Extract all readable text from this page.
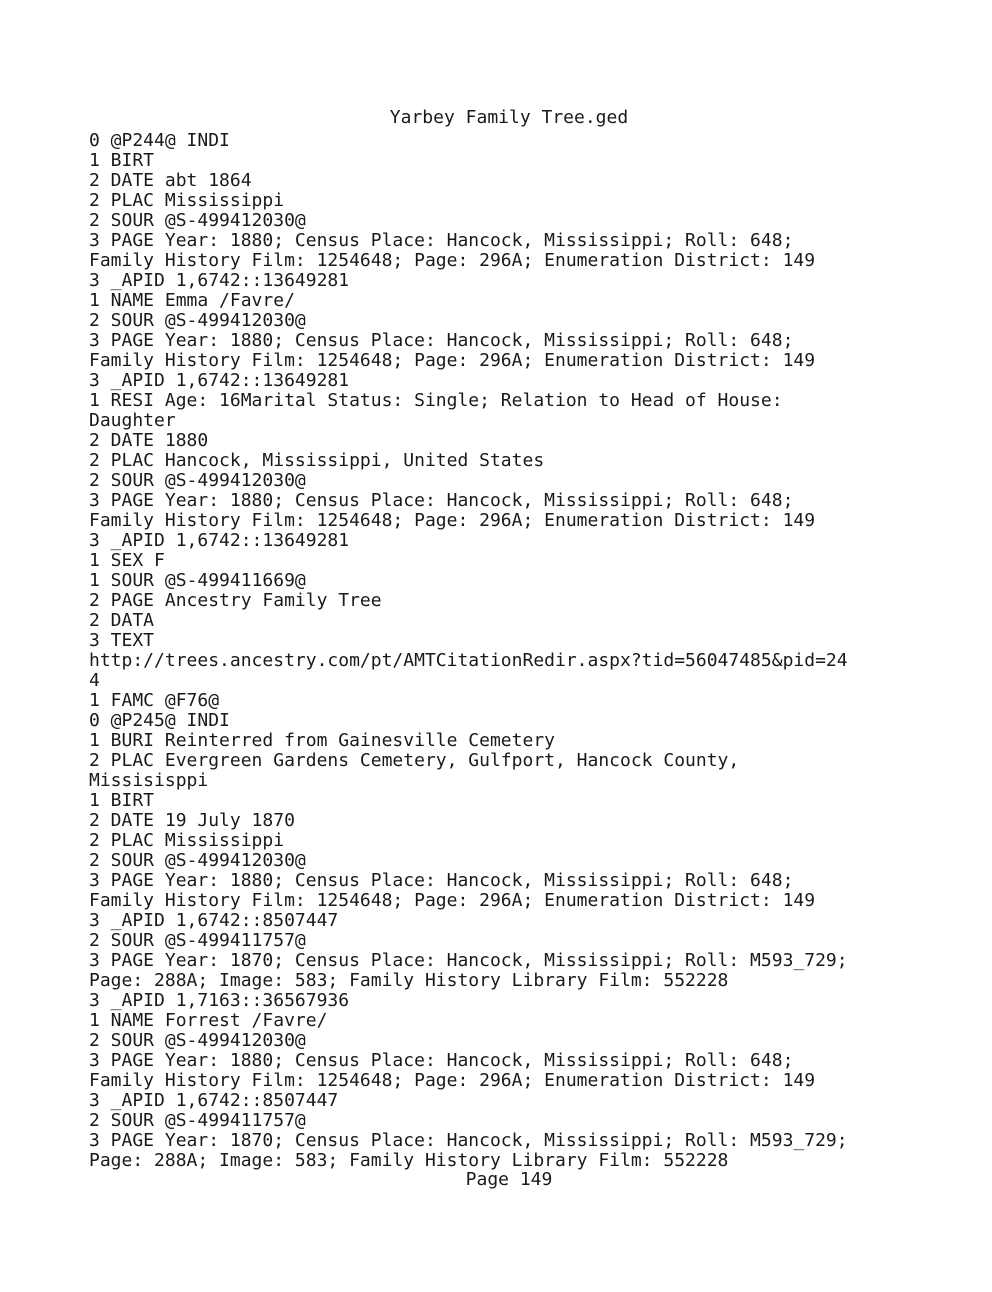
Yarbey Family Tree.ged
0 @P244@ INDI
1 BIRT
2 DATE abt 1864
2 PLAC Mississippi
2 SOUR @S-499412030@
3 PAGE Year: 1880; Census Place: Hancock, Mississippi; Roll: 648;
Family History Film: 1254648; Page: 296A; Enumeration District: 149
3 _APID 1,6742::13649281
1 NAME Emma /Favre/
2 SOUR @S-499412030@
3 PAGE Year: 1880; Census Place: Hancock, Mississippi; Roll: 648;
Family History Film: 1254648; Page: 296A; Enumeration District: 149
3 _APID 1,6742::13649281
1 RESI Age: 16Marital Status: Single; Relation to Head of House:
Daughter
2 DATE 1880
2 PLAC Hancock, Mississippi, United States
2 SOUR @S-499412030@
3 PAGE Year: 1880; Census Place: Hancock, Mississippi; Roll: 648;
Family History Film: 1254648; Page: 296A; Enumeration District: 149
3 _APID 1,6742::13649281
1 SEX F
1 SOUR @S-499411669@
2 PAGE Ancestry Family Tree
2 DATA
3 TEXT
http://trees.ancestry.com/pt/AMTCitationRedir.aspx?tid=56047485&pid=24
4
1 FAMC @F76@
0 @P245@ INDI
1 BURI Reinterred from Gainesville Cemetery
2 PLAC Evergreen Gardens Cemetery, Gulfport, Hancock County,
Missisisppi
1 BIRT
2 DATE 19 July 1870
2 PLAC Mississippi
2 SOUR @S-499412030@
3 PAGE Year: 1880; Census Place: Hancock, Mississippi; Roll: 648;
Family History Film: 1254648; Page: 296A; Enumeration District: 149
3 _APID 1,6742::8507447
2 SOUR @S-499411757@
3 PAGE Year: 1870; Census Place: Hancock, Mississippi; Roll: M593_729;
Page: 288A; Image: 583; Family History Library Film: 552228
3 _APID 1,7163::36567936
1 NAME Forrest /Favre/
2 SOUR @S-499412030@
3 PAGE Year: 1880; Census Place: Hancock, Mississippi; Roll: 648;
Family History Film: 1254648; Page: 296A; Enumeration District: 149
3 _APID 1,6742::8507447
2 SOUR @S-499411757@
3 PAGE Year: 1870; Census Place: Hancock, Mississippi; Roll: M593_729;
Page: 288A; Image: 583; Family History Library Film: 552228
Page 149
